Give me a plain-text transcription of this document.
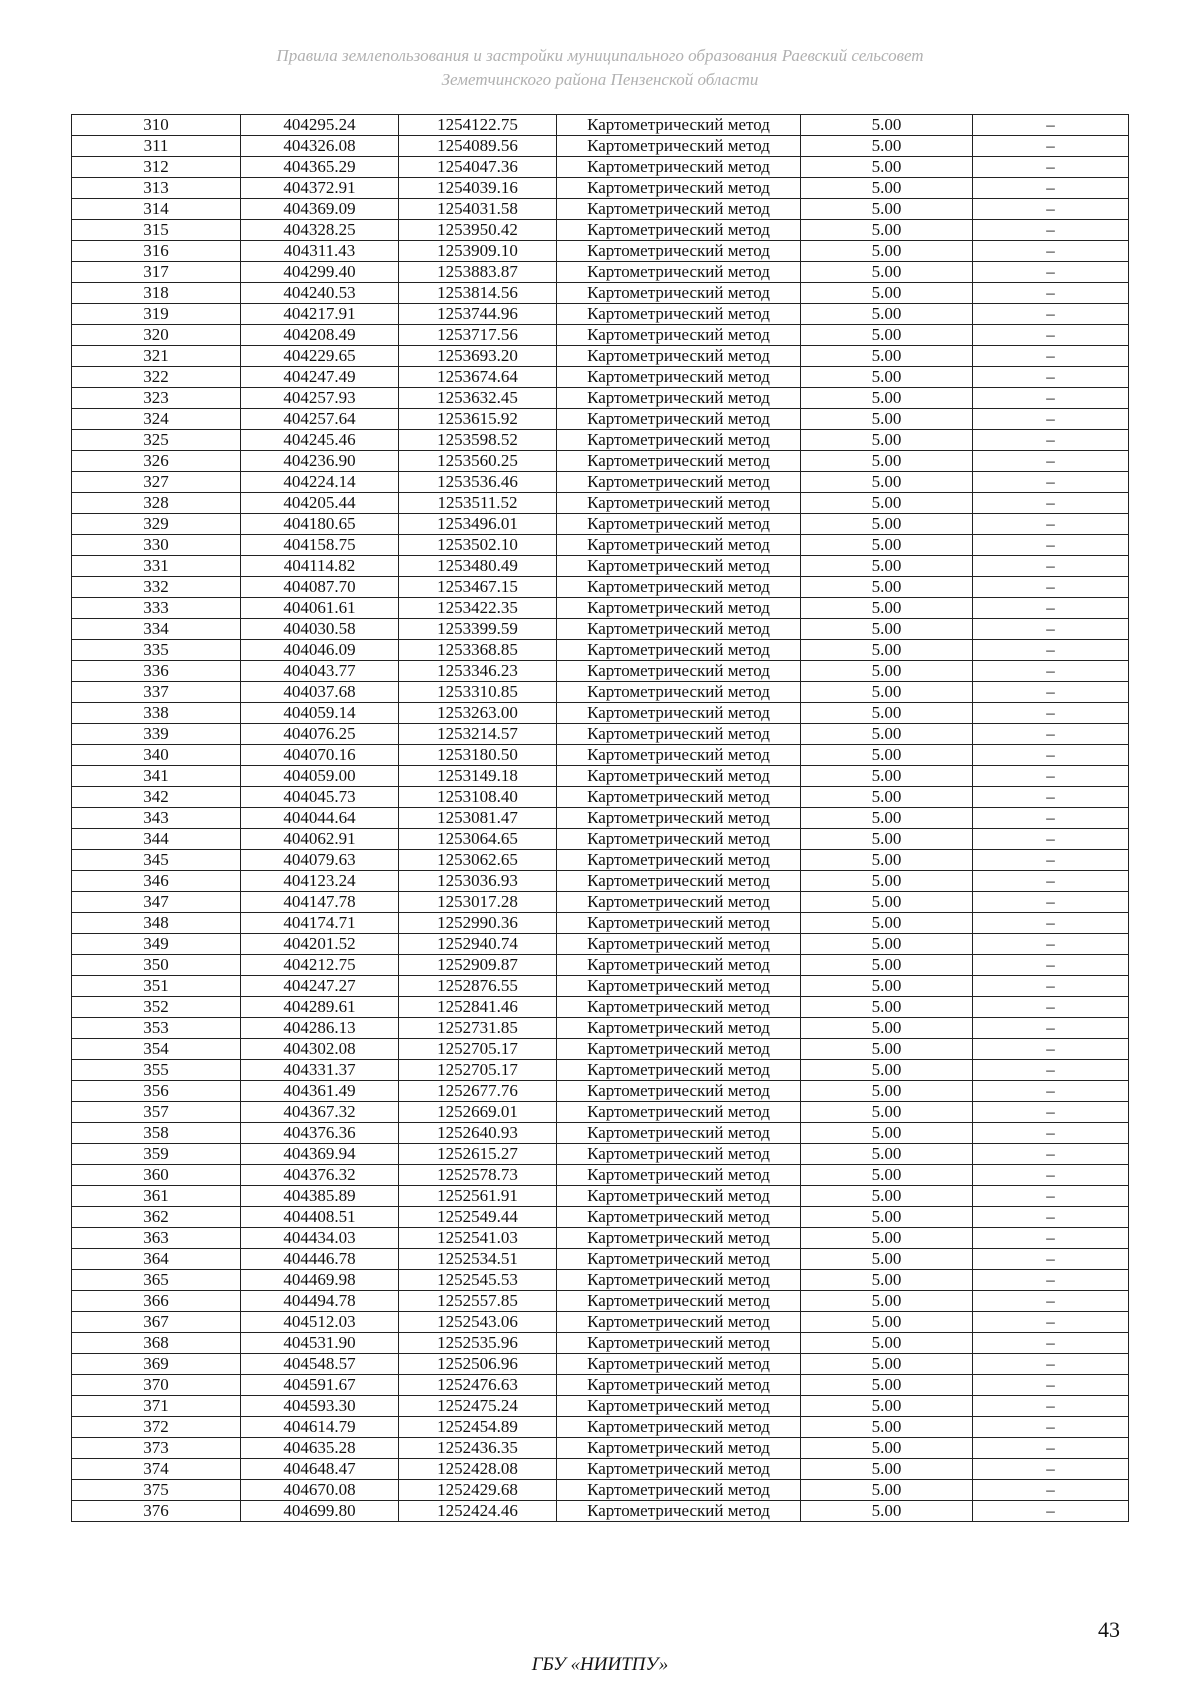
Правила землепользования и застройки муниципального образования Раевский сельсовет
Земетчинского района Пензенской области
310	404295.24	1254122.75	Картометрический метод	5.00	–
311	404326.08	1254089.56	Картометрический метод	5.00	–
312	404365.29	1254047.36	Картометрический метод	5.00	–
313	404372.91	1254039.16	Картометрический метод	5.00	–
314	404369.09	1254031.58	Картометрический метод	5.00	–
315	404328.25	1253950.42	Картометрический метод	5.00	–
316	404311.43	1253909.10	Картометрический метод	5.00	–
317	404299.40	1253883.87	Картометрический метод	5.00	–
318	404240.53	1253814.56	Картометрический метод	5.00	–
319	404217.91	1253744.96	Картометрический метод	5.00	–
320	404208.49	1253717.56	Картометрический метод	5.00	–
321	404229.65	1253693.20	Картометрический метод	5.00	–
322	404247.49	1253674.64	Картометрический метод	5.00	–
323	404257.93	1253632.45	Картометрический метод	5.00	–
324	404257.64	1253615.92	Картометрический метод	5.00	–
325	404245.46	1253598.52	Картометрический метод	5.00	–
326	404236.90	1253560.25	Картометрический метод	5.00	–
327	404224.14	1253536.46	Картометрический метод	5.00	–
328	404205.44	1253511.52	Картометрический метод	5.00	–
329	404180.65	1253496.01	Картометрический метод	5.00	–
330	404158.75	1253502.10	Картометрический метод	5.00	–
331	404114.82	1253480.49	Картометрический метод	5.00	–
332	404087.70	1253467.15	Картометрический метод	5.00	–
333	404061.61	1253422.35	Картометрический метод	5.00	–
334	404030.58	1253399.59	Картометрический метод	5.00	–
335	404046.09	1253368.85	Картометрический метод	5.00	–
336	404043.77	1253346.23	Картометрический метод	5.00	–
337	404037.68	1253310.85	Картометрический метод	5.00	–
338	404059.14	1253263.00	Картометрический метод	5.00	–
339	404076.25	1253214.57	Картометрический метод	5.00	–
340	404070.16	1253180.50	Картометрический метод	5.00	–
341	404059.00	1253149.18	Картометрический метод	5.00	–
342	404045.73	1253108.40	Картометрический метод	5.00	–
343	404044.64	1253081.47	Картометрический метод	5.00	–
344	404062.91	1253064.65	Картометрический метод	5.00	–
345	404079.63	1253062.65	Картометрический метод	5.00	–
346	404123.24	1253036.93	Картометрический метод	5.00	–
347	404147.78	1253017.28	Картометрический метод	5.00	–
348	404174.71	1252990.36	Картометрический метод	5.00	–
349	404201.52	1252940.74	Картометрический метод	5.00	–
350	404212.75	1252909.87	Картометрический метод	5.00	–
351	404247.27	1252876.55	Картометрический метод	5.00	–
352	404289.61	1252841.46	Картометрический метод	5.00	–
353	404286.13	1252731.85	Картометрический метод	5.00	–
354	404302.08	1252705.17	Картометрический метод	5.00	–
355	404331.37	1252705.17	Картометрический метод	5.00	–
356	404361.49	1252677.76	Картометрический метод	5.00	–
357	404367.32	1252669.01	Картометрический метод	5.00	–
358	404376.36	1252640.93	Картометрический метод	5.00	–
359	404369.94	1252615.27	Картометрический метод	5.00	–
360	404376.32	1252578.73	Картометрический метод	5.00	–
361	404385.89	1252561.91	Картометрический метод	5.00	–
362	404408.51	1252549.44	Картометрический метод	5.00	–
363	404434.03	1252541.03	Картометрический метод	5.00	–
364	404446.78	1252534.51	Картометрический метод	5.00	–
365	404469.98	1252545.53	Картометрический метод	5.00	–
366	404494.78	1252557.85	Картометрический метод	5.00	–
367	404512.03	1252543.06	Картометрический метод	5.00	–
368	404531.90	1252535.96	Картометрический метод	5.00	–
369	404548.57	1252506.96	Картометрический метод	5.00	–
370	404591.67	1252476.63	Картометрический метод	5.00	–
371	404593.30	1252475.24	Картометрический метод	5.00	–
372	404614.79	1252454.89	Картометрический метод	5.00	–
373	404635.28	1252436.35	Картометрический метод	5.00	–
374	404648.47	1252428.08	Картометрический метод	5.00	–
375	404670.08	1252429.68	Картометрический метод	5.00	–
376	404699.80	1252424.46	Картометрический метод	5.00	–
43
ГБУ «НИИТПУ»
